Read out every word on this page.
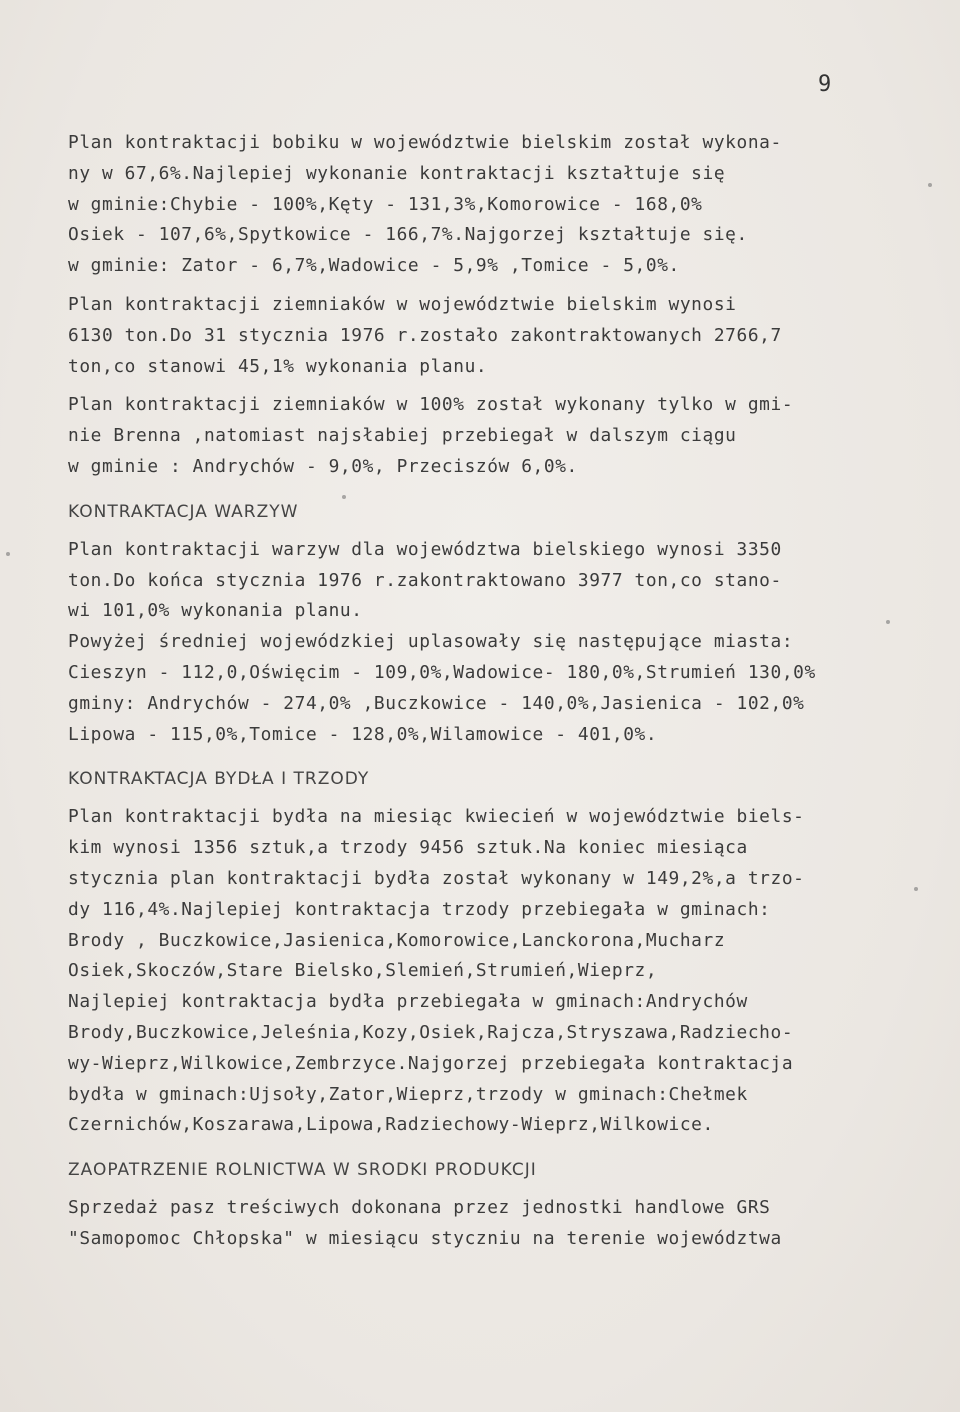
9
Plan kontraktacji bobiku w województwie bielskim został wykona-
ny w 67,6%.Najlepiej wykonanie kontraktacji kształtuje się
w gminie:Chybie - 100%,Kęty - 131,3%,Komorowice - 168,0%
Osiek - 107,6%,Spytkowice - 166,7%.Najgorzej kształtuje się.
w gminie: Zator - 6,7%,Wadowice - 5,9% ,Tomice - 5,0%.
Plan kontraktacji ziemniaków w województwie bielskim wynosi
6130 ton.Do 31 stycznia 1976 r.zostało zakontraktowanych 2766,7
ton,co stanowi 45,1% wykonania planu.
Plan kontraktacji ziemniaków w 100% został wykonany tylko w gmi-
nie Brenna ,natomiast najsłabiej przebiegał w dalszym ciągu
w gminie : Andrychów - 9,0%, Przeciszów 6,0%.
KONTRAKTACJA WARZYW
Plan kontraktacji warzyw dla województwa bielskiego wynosi 3350
ton.Do końca stycznia 1976 r.zakontraktowano 3977 ton,co stano-
wi 101,0% wykonania planu.
Powyżej średniej wojewódzkiej uplasowały się następujące miasta:
Cieszyn - 112,0,Oświęcim - 109,0%,Wadowice- 180,0%,Strumień 130,0%
gminy: Andrychów - 274,0% ,Buczkowice - 140,0%,Jasienica - 102,0%
Lipowa - 115,0%,Tomice - 128,0%,Wilamowice - 401,0%.
KONTRAKTACJA BYDŁA I TRZODY
Plan kontraktacji bydła na miesiąc kwiecień w województwie biels-
kim wynosi 1356 sztuk,a trzody 9456 sztuk.Na koniec miesiąca
stycznia plan kontraktacji bydła został wykonany w 149,2%,a trzo-
dy 116,4%.Najlepiej kontraktacja trzody przebiegała w gminach:
Brody , Buczkowice,Jasienica,Komorowice,Lanckorona,Mucharz
Osiek,Skoczów,Stare Bielsko,Slemień,Strumień,Wieprz,
Najlepiej kontraktacja bydła przebiegała w gminach:Andrychów
Brody,Buczkowice,Jeleśnia,Kozy,Osiek,Rajcza,Stryszawa,Radziecho-
wy-Wieprz,Wilkowice,Zembrzyce.Najgorzej przebiegała kontraktacja
bydła w gminach:Ujsoły,Zator,Wieprz,trzody w gminach:Chełmek
Czernichów,Koszarawa,Lipowa,Radziechowy-Wieprz,Wilkowice.
ZAOPATRZENIE ROLNICTWA W SRODKI PRODUKCJI
Sprzedaż pasz treściwych dokonana przez jednostki handlowe GRS
"Samopomoc Chłopska" w miesiącu styczniu na terenie województwa
